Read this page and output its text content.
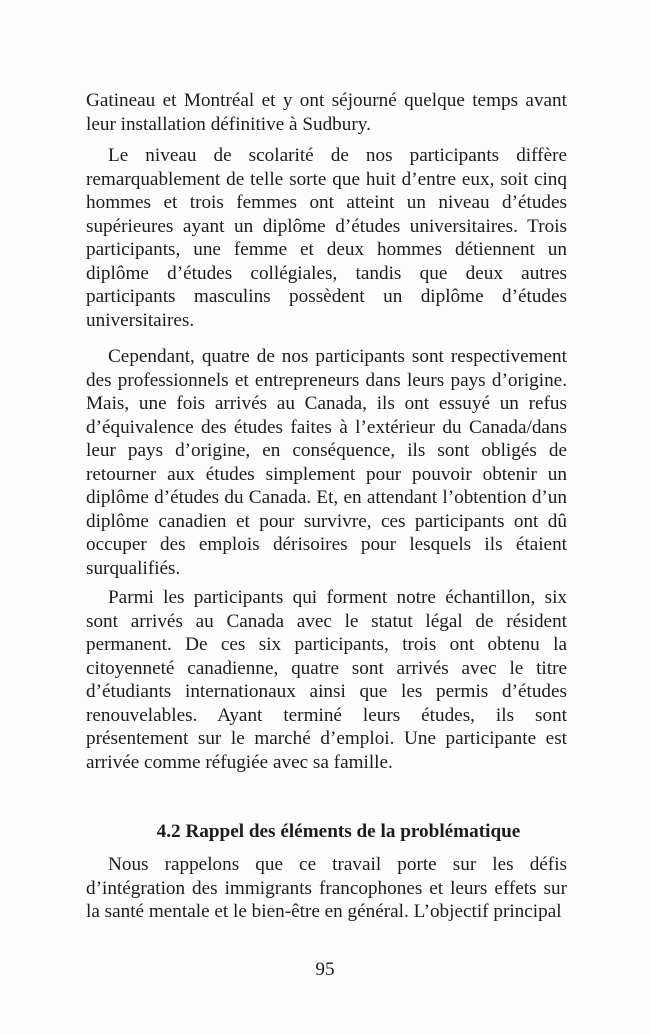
Gatineau et Montréal et y ont séjourné quelque temps avant leur installation définitive à Sudbury.

Le niveau de scolarité de nos participants diffère remarquablement de telle sorte que huit d’entre eux, soit cinq hommes et trois femmes ont atteint un niveau d’études supérieures ayant un diplôme d’études universitaires. Trois participants, une femme et deux hommes détiennent un diplôme d’études collégiales, tandis que deux autres participants masculins possèdent un diplôme d’études universitaires.

Cependant, quatre de nos participants sont respectivement des professionnels et entrepreneurs dans leurs pays d’origine. Mais, une fois arrivés au Canada, ils ont essuyé un refus d’équivalence des études faites à l’extérieur du Canada/dans leur pays d’origine, en conséquence, ils sont obligés de retourner aux études simplement pour pouvoir obtenir un diplôme d’études du Canada. Et, en attendant l’obtention d’un diplôme canadien et pour survivre, ces participants ont dû occuper des emplois dérisoires pour lesquels ils étaient surqualifiés.

Parmi les participants qui forment notre échantillon, six sont arrivés au Canada avec le statut légal de résident permanent. De ces six participants, trois ont obtenu la citoyenneté canadienne, quatre sont arrivés avec le titre d’étudiants internationaux ainsi que les permis d’études renouvelables. Ayant terminé leurs études, ils sont présentement sur le marché d’emploi. Une participante est arrivée comme réfugiée avec sa famille.

4.2 Rappel des éléments de la problématique

Nous rappelons que ce travail porte sur les défis d’intégration des immigrants francophones et leurs effets sur la santé mentale et le bien-être en général. L’objectif principal

95
